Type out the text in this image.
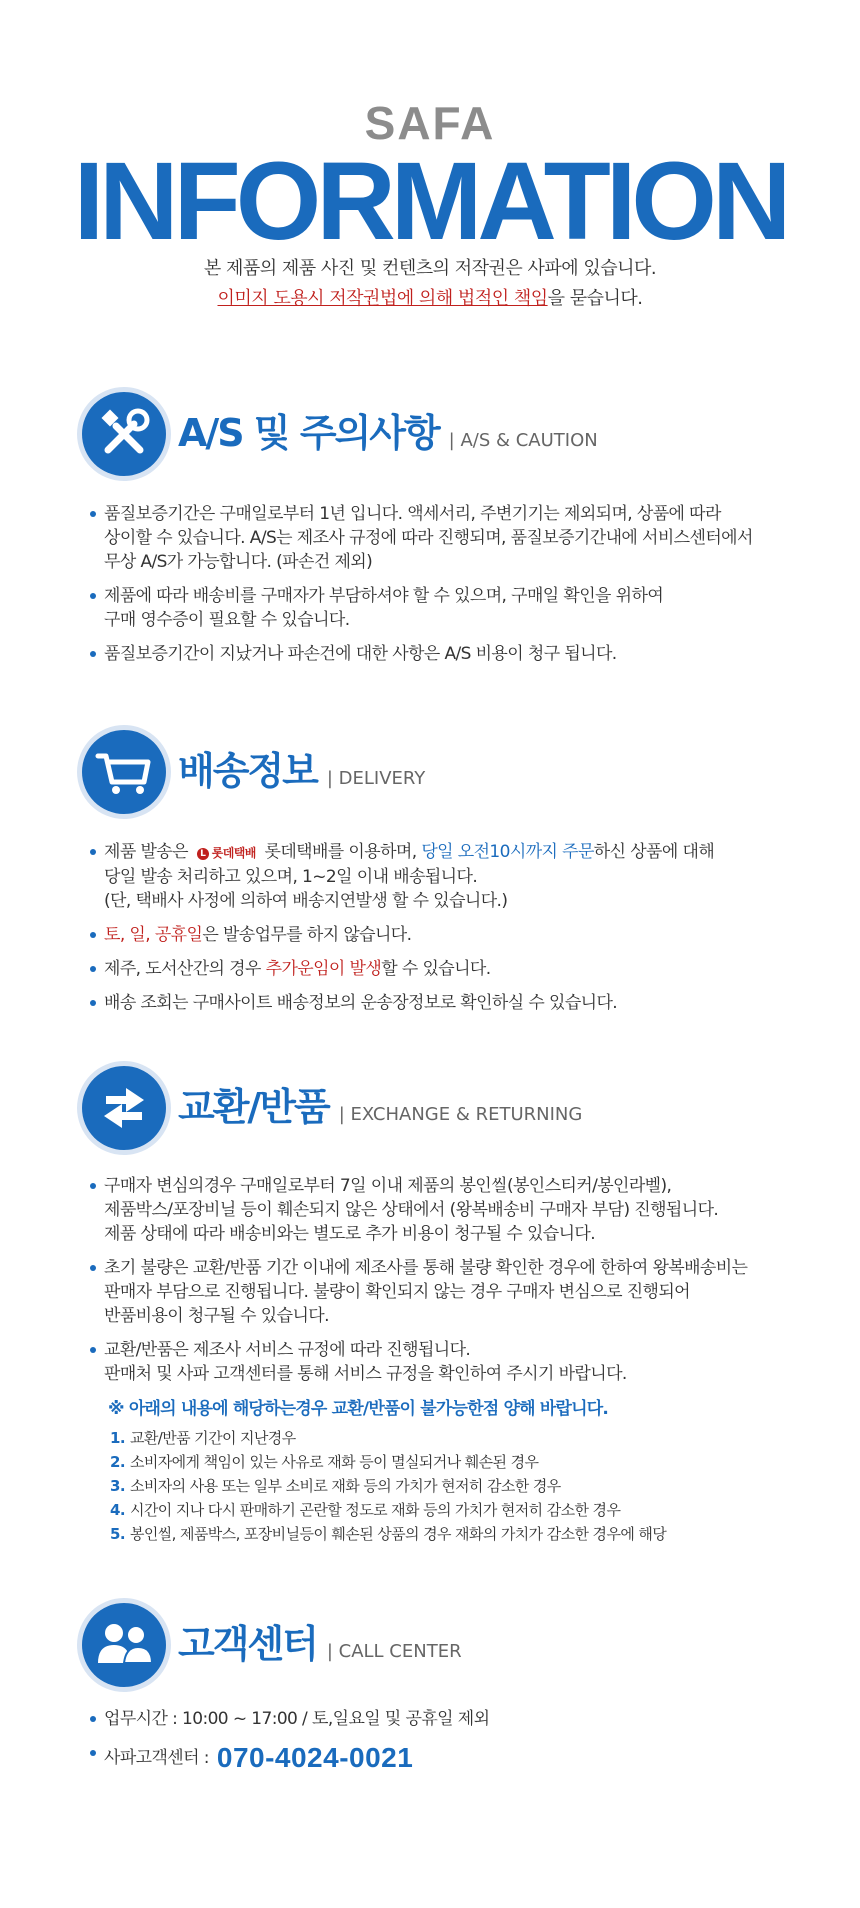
SAFA
INFORMATION
본 제품의 제품 사진 및 컨텐츠의 저작권은 사파에 있습니다.
이미지 도용시 저작권법에 의해 법적인 책임을 묻습니다.
A/S 및 주의사항 | A/S & CAUTION
품질보증기간은 구매일로부터 1년 입니다. 액세서리, 주변기기는 제외되며, 상품에 따라
상이할 수 있습니다. A/S는 제조사 규정에 따라 진행되며, 품질보증기간내에 서비스센터에서
무상 A/S가 가능합니다. (파손건 제외)
제품에 따라 배송비를 구매자가 부담하셔야 할 수 있으며, 구매일 확인을 위하여
구매 영수증이 필요할 수 있습니다.
품질보증기간이 지났거나 파손건에 대한 사항은 A/S 비용이 청구 됩니다.
배송정보 | DELIVERY
제품 발송은 L 롯데택배 롯데택배를 이용하며, 당일 오전10시까지 주문하신 상품에 대해
당일 발송 처리하고 있으며, 1~2일 이내 배송됩니다.
(단, 택배사 사정에 의하여 배송지연발생 할 수 있습니다.)
토, 일, 공휴일은 발송업무를 하지 않습니다.
제주, 도서산간의 경우 추가운임이 발생할 수 있습니다.
배송 조회는 구매사이트 배송정보의 운송장정보로 확인하실 수 있습니다.
교환/반품 | EXCHANGE & RETURNING
구매자 변심의경우 구매일로부터 7일 이내 제품의 봉인씰(봉인스티커/봉인라벨),
제품박스/포장비닐 등이 훼손되지 않은 상태에서 (왕복배송비 구매자 부담) 진행됩니다.
제품 상태에 따라 배송비와는 별도로 추가 비용이 청구될 수 있습니다.
초기 불량은 교환/반품 기간 이내에 제조사를 통해 불량 확인한 경우에 한하여 왕복배송비는
판매자 부담으로 진행됩니다. 불량이 확인되지 않는 경우 구매자 변심으로 진행되어
반품비용이 청구될 수 있습니다.
교환/반품은 제조사 서비스 규정에 따라 진행됩니다.
판매처 및 사파 고객센터를 통해 서비스 규정을 확인하여 주시기 바랍니다.
※ 아래의 내용에 해당하는경우 교환/반품이 불가능한점 양해 바랍니다.
1. 교환/반품 기간이 지난경우
2. 소비자에게 책임이 있는 사유로 재화 등이 멸실되거나 훼손된 경우
3. 소비자의 사용 또는 일부 소비로 재화 등의 가치가 현저히 감소한 경우
4. 시간이 지나 다시 판매하기 곤란할 정도로 재화 등의 가치가 현저히 감소한 경우
5. 봉인씰, 제품박스, 포장비닐등이 훼손된 상품의 경우 재화의 가치가 감소한 경우에 해당
고객센터 | CALL CENTER
업무시간 : 10:00 ~ 17:00 / 토,일요일 및 공휴일 제외
사파고객센터 : 070-4024-0021
